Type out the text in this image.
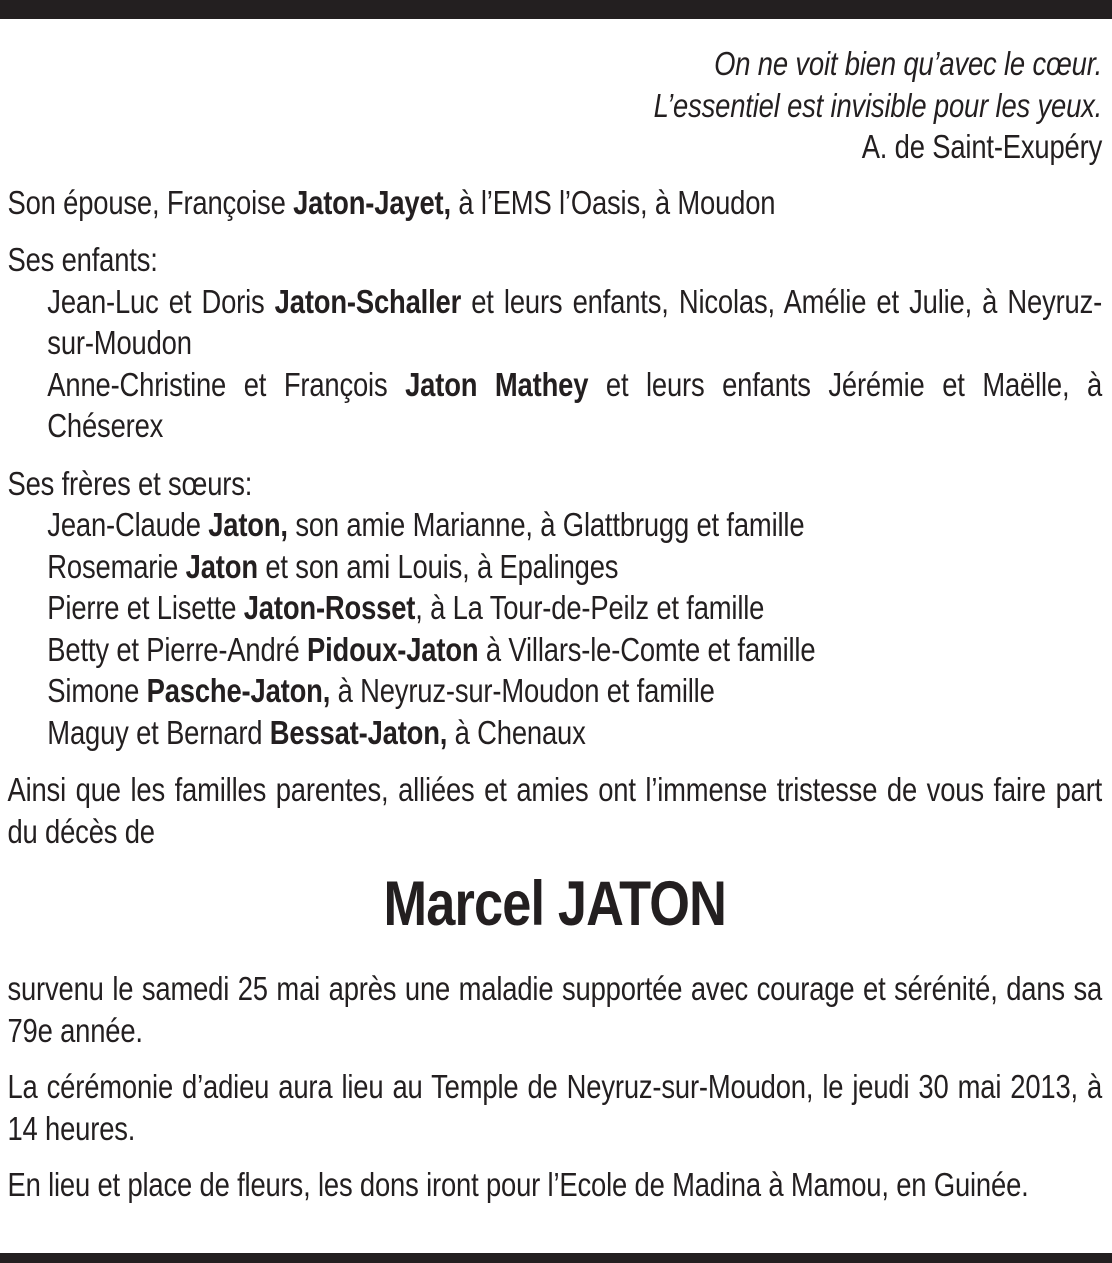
On ne voit bien qu’avec le cœur.
L’essentiel est invisible pour les yeux.
A. de Saint-Exupéry

Son épouse, Françoise Jaton-Jayet, à l’EMS l’Oasis, à Moudon

Ses enfants:

Jean-Luc et Doris Jaton-Schaller et leurs enfants, Nicolas, Amélie et Julie, à Neyruz-sur-Moudon

Anne-Christine et François Jaton Mathey et leurs enfants Jérémie et Maëlle, à Chéserex

Ses frères et sœurs:

Jean-Claude Jaton, son amie Marianne, à Glattbrugg et famille

Rosemarie Jaton et son ami Louis, à Epalinges

Pierre et Lisette Jaton-Rosset, à La Tour-de-Peilz et famille

Betty et Pierre-André Pidoux-Jaton à Villars-le-Comte et famille

Simone Pasche-Jaton, à Neyruz-sur-Moudon et famille

Maguy et Bernard Bessat-Jaton, à Chenaux

Ainsi que les familles parentes, alliées et amies ont l’immense tristesse de vous faire part du décès de

Marcel JATON

survenu le samedi 25 mai après une maladie supportée avec courage et sérénité, dans sa 79e année.

La cérémonie d’adieu aura lieu au Temple de Neyruz-sur-Moudon, le jeudi 30 mai 2013, à 14 heures.

En lieu et place de fleurs, les dons iront pour l’Ecole de Madina à Mamou, en Guinée.
